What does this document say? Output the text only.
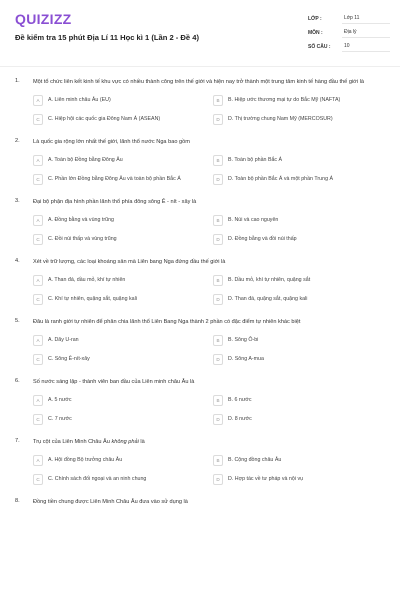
QUIZIZZ
Đề kiểm tra 15 phút Địa Lí 11 Học kì 1 (Lần 2 - Đề 4)
LỚP :	Lớp 11
MÔN :	Địa lý
SỐ CÂU :	10
1. Một tổ chức liên kết kinh tế khu vực có nhiều thành công trên thế giới và hiện nay trở thành một trung tâm kinh tế hàng đầu thế giới là
A	A. Liên minh châu Âu (EU)	B	B. Hiệp ước thương mại tự do Bắc Mỹ (NAFTA)
C	C. Hiệp hội các quốc gia Đông Nam Á (ASEAN)	D	D. Thị trường chung Nam Mỹ (MERCOSUR)
2. Là quốc gia rộng lớn nhất thế giới, lãnh thổ nước Nga bao gồm
A	A. Toàn bộ Đồng bằng Đông Âu	B	B. Toàn bộ phần Bắc Á
C	C. Phần lớn Đồng bằng Đông Âu và toàn bộ phần Bắc Á	D	D. Toàn bộ phần Bắc Á và một phần Trung Á
3. Đại bộ phận địa hình phần lãnh thổ phía đông sông Ê - nít - xây là
A	A. Đồng bằng và vùng trũng	B	B. Núi và cao nguyên
C	C. Đồi núi thấp và vùng trũng	D	D. Đồng bằng và đồi núi thấp
4. Xét về trữ lượng, các loại khoáng sản mà Liên bang Nga đứng đầu thế giới là
A	A. Than đá, dầu mỏ, khí tự nhiên	B	B. Dầu mỏ, khí tự nhiên, quặng sắt
C	C. Khí tự nhiên, quặng sắt, quặng kali	D	D. Than đá, quặng sắt, quặng kali
5. Đâu là ranh giới tự nhiên để phân chia lãnh thổ Liên Bang Nga thành 2 phần có đặc điểm tự nhiên khác biệt
A	A. Dãy U-ran	B	B. Sông Ô-bi
C	C. Sông Ê-nít-xây	D	D. Sông A-mua
6. Số nước sáng lập - thành viên ban đầu của Liên minh châu Âu là
A	A. 5 nước	B	B. 6 nước
C	C. 7 nước	D	D. 8 nước
7. Trụ cột của Liên Minh Châu Âu không phải là
A	A. Hội đồng Bộ trưởng châu Âu	B	B. Cộng đồng châu Âu
C	C. Chính sách đối ngoại và an ninh chung	D	D. Hợp tác về tư pháp và nội vụ
8. Đồng tiền chung được Liên Minh Châu Âu đưa vào sử dụng là
